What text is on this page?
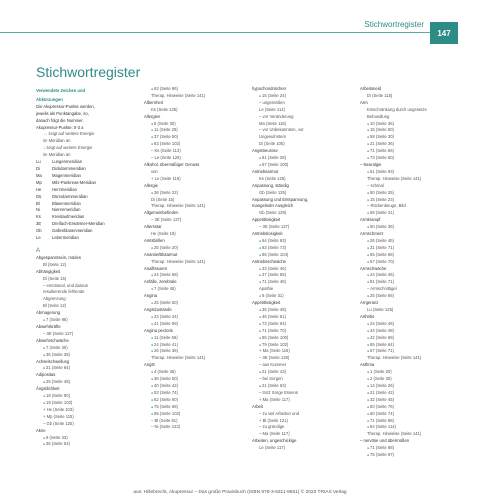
Stichwortregister
147
Stichwortregister
Verwendete Zeichen und
Abkürzungen
Die Akupressur-Punkte werden,
jeweils als Punktangabe, so,
danach folgt die Nummer.
Akupressur-Punkte: 0-3 a
→ zeigt auf weitere Energie
im Meridian an
↓ zeigt auf weitere Energie
im Meridian an
Lu	Lungenmeridian
Di	Dickdarmmeridian
Ma	Magenmeridian
Mp	Milz-Pankreas-Meridian
He	Herzmeridian
Dü	Dünndarmmeridian
Bl	Blasenmeridian
Ni	Nierenmeridian
Ks	Kreislaufmeridian
3E	Dreifach-Erwärmer-Meridian
Gb	Gallenblasenmeridian
Le	Lebermeridian
A
Abgespanntsein, müdes
Bl (Seite 12)
Abhängigkeit
Di (Seite 15)
– emotional, und daraus
resultierende fehlende
Abgrenzung
Bl (Seite 12)
Abmagerung
● 7 (Seite 96)
Abwehrkräfte
– 3E (Seite 127)
Abwehrschwäche
● 7 (Seite 30)
● 36 (Seite 38)
Achselschwellung
● 21 (Seite 64)
Adipositas
● 25 (Seite 48)
Ängstlichkeit
● 18 (Seite 90)
● 19 (Seite 102)
+ He (Seite 103)
+ Mp (Seite 115)
– Gb (Seite 125)
Akne
● 9 (Seite 33)
● 36 (Seite 54)
● 63 (Seite 96)
Therap. Hinweise (Seite 141)
Albernheit
Ks (Seite 125)
Allergien
● 5 (Seite 30)
● 11 (Seite 29)
● 37 (Seite 50)
● 63 (Seite 102)
– Ks (Seite 113)
– Le (Seite 126)
Alkohol, übermäßiger Genuss
von
+ Le (Seite 118)
Allergie
● 36 (Seite 22)
Di (Seite 15)
Therap. Hinweise (Seite 141)
Allgemeinbefinden
– 3E (Seite 127)
Altersstar
He (Seite 19)
Amtsbrillen
● 25 (Seite 20)
Anämie/Blutarmut
Therap. Hinweise (Seite 141)
Analfissuren
● 24 (Seite 58)
Anfälle, zerebrale
● 7 (Seite 45)
Angina
● 25 (Seite 60)
Angstzustände
● 23 (Seite 24)
● 41 (Seite 59)
Angina pectoris
● 11 (Seite 56)
● 24 (Seite 41)
● 26 (Seite 36)
Therap. Hinweise (Seite 141)
Angst
● 4 (Seite 36)
● 36 (Seite 50)
● 40 (Seite 42)
● 53 (Seite 74)
● 62 (Seite 60)
● 75 (Seite 68)
● 95 (Seite 102)
– Bl (Seite 81)
– Ni (Seite 123)
hypochondrischen
● 15 (Seite 24)
– ungemäßen
Le (Seite 114)
– vor Veränderung
Ma (Seite 116)
– vor Unbekanntem, vor
Ungewohntem
Di (Seite 105)
Angstneurose
● 61 (Seite 28)
● 67 (Seite 100)
Antriebsarmut
Ks (Seite 125)
Anpassung, ständig
Gb (Seite 125)
Anpassung und Entspannung,
mangelnder Ausgleich
Gb (Seite 129)
Appetitlosigkeit
– 3E (Seite 127)
Antriebslosigkeit
● 64 (Seite 63)
● 63 (Seite 73)
● 66 (Seite 104)
Antriebsschwäche
● 33 (Seite 46)
● 37 (Seite 55)
● 71 (Seite 48)
Apathie
● 6 (Seite 31)
Appetitlosigkeit
● 35 (Seite 48)
● 46 (Seite 61)
● 73 (Seite 64)
● 71 (Seite 70)
● 85 (Seite 100)
● 79 (Seite 102)
+ Ma (Seite 116)
– 3E (Seite 128)
– aus Kummer
● 21 (Seite 43)
– bei Sorgen
● 21 (Seite 63)
– trotz Sorge Essens
+ Ma (Seite 117)
Arbeit
– zu viel Arbeiten und
+ Bl (Seite 121)
– zu gründige
– Ma (Seite 117)
Arbeiten, ungeschickige
Le (Seite 117)
Arbeitsneid
Di (Seite 115)
Arm
Einschränkung durch ungesetze
Behandlung
● 10 (Seite 36)
● 15 (Seite 50)
● 58 (Seite 30)
● 21 (Seite 36)
● 71 (Seite 66)
● 73 (Seite 60)
– Neuralgie
● 61 (Seite 93)
Therap. Hinweise (Seite 141)
– schmal
● 50 (Seite 25)
● 15 (Seite 23)
– Rückenbeuge, Bild
● 58 (Seite 31)
Armkrampf
● 50 (Seite 36)
Armschmerz
● 26 (Seite 46)
● 31 (Seite 71)
● 55 (Seite 66)
● 57 (Seite 70)
Armschwäche
● 24 (Seite 46)
● 81 (Seite 71)
– Armschnittigel
● 25 (Seite 66)
Arrgeranz
Lu (Seite 125)
Arthritis
● 24 (Seite 46)
● 34 (Seite 48)
● 42 (Seite 69)
● 55 (Seite 64)
● 57 (Seite 71)
Therap. Hinweise (Seite 141)
Asthma
● 1 (Seite 20)
● 2 (Seite 30)
● 14 (Seite 26)
● 21 (Seite 42)
● 32 (Seite 45)
● 50 (Seite 76)
● 60 (Seite 74)
● 71 (Seite 88)
● 84 (Seite 114)
Therap. Hinweise (Seite 141)
– nervöse und übermüßen
● 71 (Seite 88)
● 75 (Seite 97)
aus: Hillebrecht, Akupressur – Das große Praxisbuch (ISBN 978-3-8311-8651) © 2023 TRIAS Verlag
